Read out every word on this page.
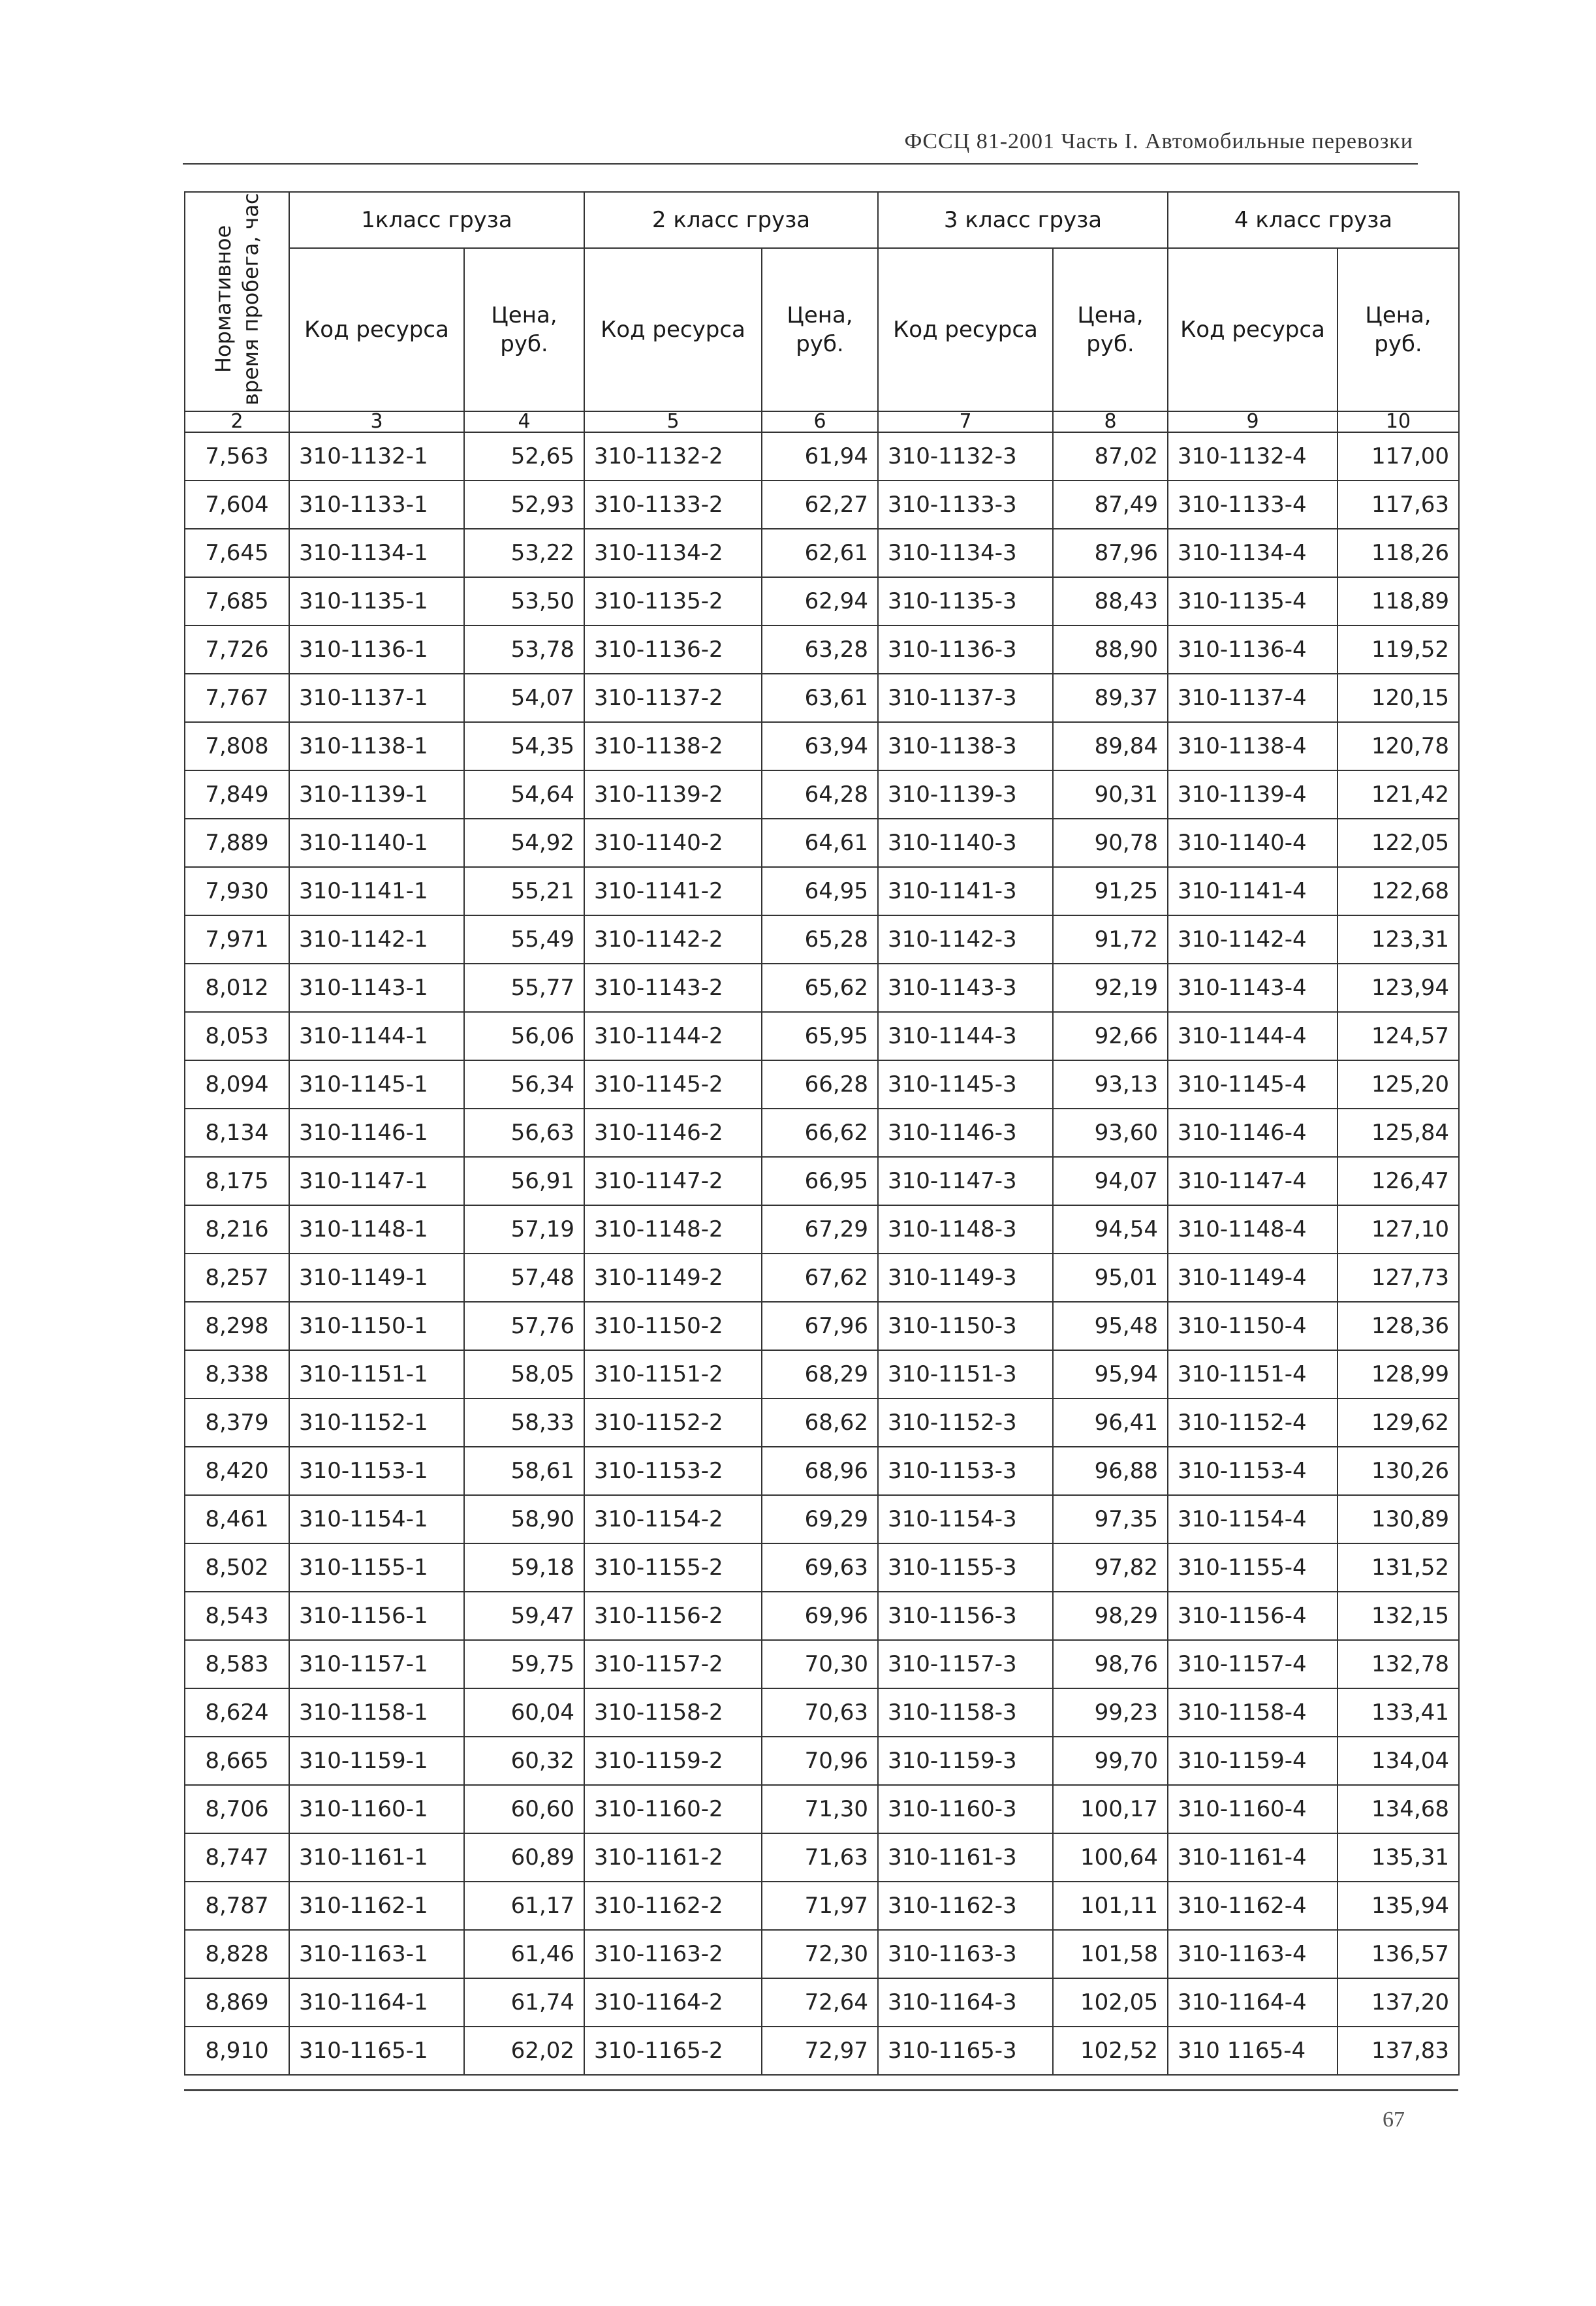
ФССЦ 81-2001 Часть I. Автомобильные перевозки
Нормативное время пробега, час	1класс груза		2 класс груза		3 класс груза		4 класс груза	
	Код ресурса	Цена, руб.	Код ресурса	Цена, руб.	Код ресурса	Цена, руб.	Код ресурса	Цена, руб.
2	3	4	5	6	7	8	9	10
7,563	310-1132-1	52,65	310-1132-2	61,94	310-1132-3	87,02	310-1132-4	117,00
7,604	310-1133-1	52,93	310-1133-2	62,27	310-1133-3	87,49	310-1133-4	117,63
7,645	310-1134-1	53,22	310-1134-2	62,61	310-1134-3	87,96	310-1134-4	118,26
7,685	310-1135-1	53,50	310-1135-2	62,94	310-1135-3	88,43	310-1135-4	118,89
7,726	310-1136-1	53,78	310-1136-2	63,28	310-1136-3	88,90	310-1136-4	119,52
7,767	310-1137-1	54,07	310-1137-2	63,61	310-1137-3	89,37	310-1137-4	120,15
7,808	310-1138-1	54,35	310-1138-2	63,94	310-1138-3	89,84	310-1138-4	120,78
7,849	310-1139-1	54,64	310-1139-2	64,28	310-1139-3	90,31	310-1139-4	121,42
7,889	310-1140-1	54,92	310-1140-2	64,61	310-1140-3	90,78	310-1140-4	122,05
7,930	310-1141-1	55,21	310-1141-2	64,95	310-1141-3	91,25	310-1141-4	122,68
7,971	310-1142-1	55,49	310-1142-2	65,28	310-1142-3	91,72	310-1142-4	123,31
8,012	310-1143-1	55,77	310-1143-2	65,62	310-1143-3	92,19	310-1143-4	123,94
8,053	310-1144-1	56,06	310-1144-2	65,95	310-1144-3	92,66	310-1144-4	124,57
8,094	310-1145-1	56,34	310-1145-2	66,28	310-1145-3	93,13	310-1145-4	125,20
8,134	310-1146-1	56,63	310-1146-2	66,62	310-1146-3	93,60	310-1146-4	125,84
8,175	310-1147-1	56,91	310-1147-2	66,95	310-1147-3	94,07	310-1147-4	126,47
8,216	310-1148-1	57,19	310-1148-2	67,29	310-1148-3	94,54	310-1148-4	127,10
8,257	310-1149-1	57,48	310-1149-2	67,62	310-1149-3	95,01	310-1149-4	127,73
8,298	310-1150-1	57,76	310-1150-2	67,96	310-1150-3	95,48	310-1150-4	128,36
8,338	310-1151-1	58,05	310-1151-2	68,29	310-1151-3	95,94	310-1151-4	128,99
8,379	310-1152-1	58,33	310-1152-2	68,62	310-1152-3	96,41	310-1152-4	129,62
8,420	310-1153-1	58,61	310-1153-2	68,96	310-1153-3	96,88	310-1153-4	130,26
8,461	310-1154-1	58,90	310-1154-2	69,29	310-1154-3	97,35	310-1154-4	130,89
8,502	310-1155-1	59,18	310-1155-2	69,63	310-1155-3	97,82	310-1155-4	131,52
8,543	310-1156-1	59,47	310-1156-2	69,96	310-1156-3	98,29	310-1156-4	132,15
8,583	310-1157-1	59,75	310-1157-2	70,30	310-1157-3	98,76	310-1157-4	132,78
8,624	310-1158-1	60,04	310-1158-2	70,63	310-1158-3	99,23	310-1158-4	133,41
8,665	310-1159-1	60,32	310-1159-2	70,96	310-1159-3	99,70	310-1159-4	134,04
8,706	310-1160-1	60,60	310-1160-2	71,30	310-1160-3	100,17	310-1160-4	134,68
8,747	310-1161-1	60,89	310-1161-2	71,63	310-1161-3	100,64	310-1161-4	135,31
8,787	310-1162-1	61,17	310-1162-2	71,97	310-1162-3	101,11	310-1162-4	135,94
8,828	310-1163-1	61,46	310-1163-2	72,30	310-1163-3	101,58	310-1163-4	136,57
8,869	310-1164-1	61,74	310-1164-2	72,64	310-1164-3	102,05	310-1164-4	137,20
8,910	310-1165-1	62,02	310-1165-2	72,97	310-1165-3	102,52	310 1165-4	137,83
67
